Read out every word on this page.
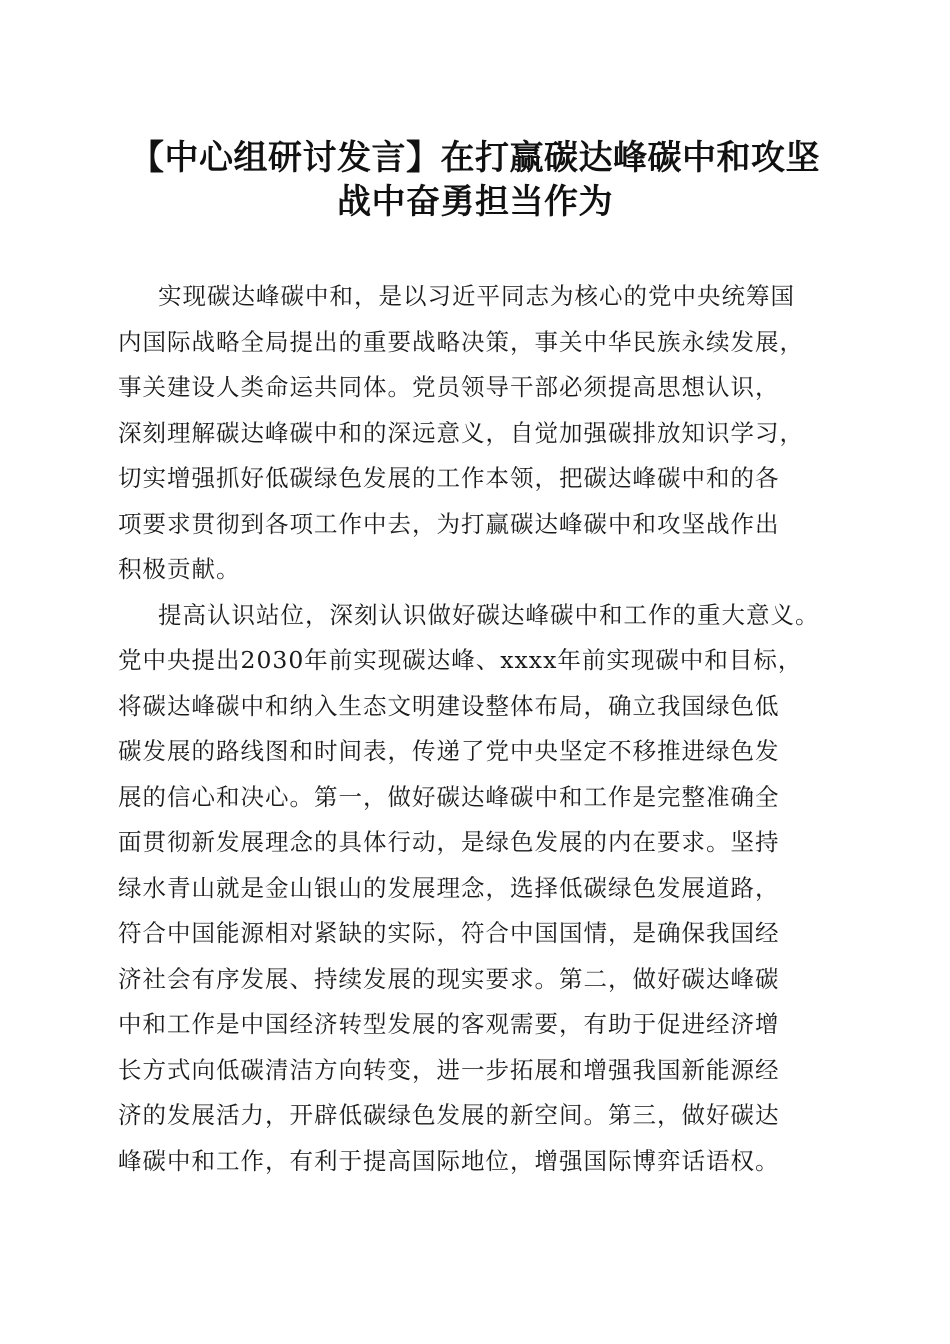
【中心组研讨发言】在打赢碳达峰碳中和攻坚
战中奋勇担当作为

实现碳达峰碳中和，是以习近平同志为核心的党中央统筹国
内国际战略全局提出的重要战略决策，事关中华民族永续发展，
事关建设人类命运共同体。党员领导干部必须提高思想认识，
深刻理解碳达峰碳中和的深远意义，自觉加强碳排放知识学习，
切实增强抓好低碳绿色发展的工作本领，把碳达峰碳中和的各
项要求贯彻到各项工作中去，为打赢碳达峰碳中和攻坚战作出
积极贡献。

提高认识站位，深刻认识做好碳达峰碳中和工作的重大意义。
党中央提出2030年前实现碳达峰、xxxx年前实现碳中和目标，
将碳达峰碳中和纳入生态文明建设整体布局，确立我国绿色低
碳发展的路线图和时间表，传递了党中央坚定不移推进绿色发
展的信心和决心。第一，做好碳达峰碳中和工作是完整准确全
面贯彻新发展理念的具体行动，是绿色发展的内在要求。坚持
绿水青山就是金山银山的发展理念，选择低碳绿色发展道路，
符合中国能源相对紧缺的实际，符合中国国情，是确保我国经
济社会有序发展、持续发展的现实要求。第二，做好碳达峰碳
中和工作是中国经济转型发展的客观需要，有助于促进经济增
长方式向低碳清洁方向转变，进一步拓展和增强我国新能源经
济的发展活力，开辟低碳绿色发展的新空间。第三，做好碳达
峰碳中和工作，有利于提高国际地位，增强国际博弈话语权。
